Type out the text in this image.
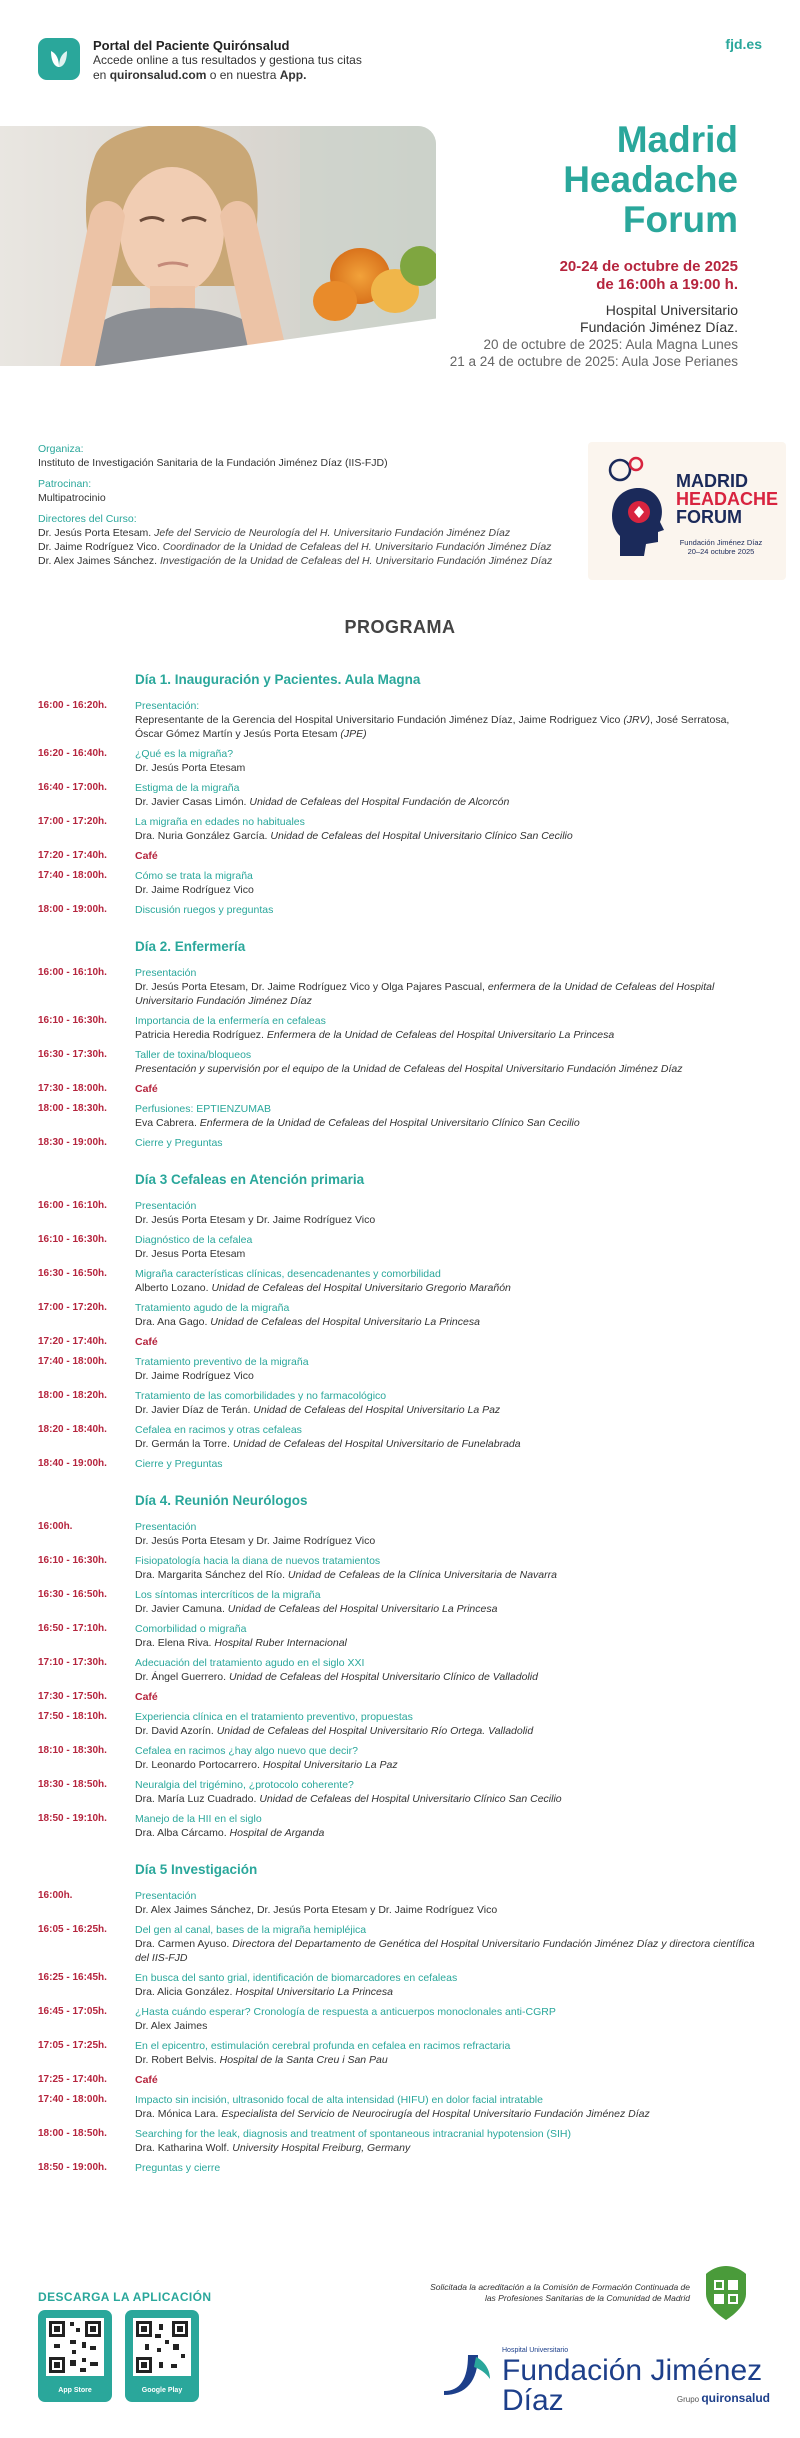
Portal del Paciente Quirónsalud
Accede online a tus resultados y gestiona tus citas
en quironsalud.com o en nuestra App.
fjd.es
Madrid
Headache
Forum
20-24 de octubre de 2025
de 16:00h a 19:00 h.
Hospital Universitario
Fundación Jiménez Díaz.
20 de octubre de 2025: Aula Magna Lunes
21 a 24 de octubre de 2025: Aula Jose Perianes
Organiza:
Instituto de Investigación Sanitaria de la Fundación Jiménez Díaz (IIS-FJD)
Patrocinan:
Multipatrocinio
Directores del Curso:
Dr. Jesús Porta Etesam. Jefe del Servicio de Neurología del H. Universitario Fundación Jiménez Díaz
Dr. Jaime Rodríguez Vico. Coordinador de la Unidad de Cefaleas del H. Universitario Fundación Jiménez Díaz
Dr. Alex Jaimes Sánchez. Investigación de la Unidad de Cefaleas del H. Universitario Fundación Jiménez Díaz
MADRID
HEADACHE
FORUM
Fundación Jiménez Díaz
20–24 octubre 2025
PROGRAMA
Día 1. Inauguración y Pacientes. Aula Magna
16:00 - 16:20h.	Presentación:
Representante de la Gerencia del Hospital Universitario Fundación Jiménez Díaz, Jaime Rodriguez Vico (JRV), José Serratosa, Óscar Gómez Martín y Jesús Porta Etesam (JPE)
16:20 - 16:40h.	¿Qué es la migraña?
Dr. Jesús Porta Etesam
16:40 - 17:00h.	Estigma de la migraña
Dr. Javier Casas Limón. Unidad de Cefaleas del Hospital Fundación de Alcorcón
17:00 - 17:20h.	La migraña en edades no habituales
Dra. Nuria González García. Unidad de Cefaleas del Hospital Universitario Clínico San Cecilio
17:20 - 17:40h.	Café
17:40 - 18:00h.	Cómo se trata la migraña
Dr. Jaime Rodríguez Vico
18:00 - 19:00h.	Discusión ruegos y preguntas
Día 2. Enfermería
16:00 - 16:10h.	Presentación
Dr. Jesús Porta Etesam, Dr. Jaime Rodríguez Vico y Olga Pajares Pascual, enfermera de la Unidad de Cefaleas del Hospital Universitario Fundación Jiménez Díaz
16:10 - 16:30h.	Importancia de la enfermería en cefaleas
Patricia Heredia Rodríguez. Enfermera de la Unidad de Cefaleas del Hospital Universitario La Princesa
16:30 - 17:30h.	Taller de toxina/bloqueos
Presentación y supervisión por el equipo de la Unidad de Cefaleas del Hospital Universitario Fundación Jiménez Díaz
17:30 - 18:00h.	Café
18:00 - 18:30h.	Perfusiones: EPTIENZUMAB
Eva Cabrera. Enfermera de la Unidad de Cefaleas del Hospital Universitario Clínico San Cecilio
18:30 - 19:00h.	Cierre y Preguntas
Día 3 Cefaleas en Atención primaria
16:00 - 16:10h.	Presentación
Dr. Jesús Porta Etesam y Dr. Jaime Rodríguez Vico
16:10 - 16:30h.	Diagnóstico de la cefalea
Dr. Jesus Porta Etesam
16:30 - 16:50h.	Migraña características clínicas, desencadenantes y comorbilidad
Alberto Lozano. Unidad de Cefaleas del Hospital Universitario Gregorio Marañón
17:00 - 17:20h.	Tratamiento agudo de la migraña
Dra. Ana Gago. Unidad de Cefaleas del Hospital Universitario La Princesa
17:20 - 17:40h.	Café
17:40 - 18:00h.	Tratamiento preventivo de la migraña
Dr. Jaime Rodríguez Vico
18:00 - 18:20h.	Tratamiento de las comorbilidades y no farmacológico
Dr. Javier Díaz de Terán. Unidad de Cefaleas del Hospital Universitario La Paz
18:20 - 18:40h.	Cefalea en racimos y otras cefaleas
Dr. Germán la Torre. Unidad de Cefaleas del Hospital Universitario de Funelabrada
18:40 - 19:00h.	Cierre y Preguntas
Día 4. Reunión Neurólogos
16:00h.	Presentación
Dr. Jesús Porta Etesam y Dr. Jaime Rodríguez Vico
16:10 - 16:30h.	Fisiopatología hacia la diana de nuevos tratamientos
Dra. Margarita Sánchez del Río. Unidad de Cefaleas de la Clínica Universitaria de Navarra
16:30 - 16:50h.	Los síntomas intercríticos de la migraña
Dr. Javier Camuna. Unidad de Cefaleas del Hospital Universitario La Princesa
16:50 - 17:10h.	Comorbilidad o migraña
Dra. Elena Riva. Hospital Ruber Internacional
17:10 - 17:30h.	Adecuación del tratamiento agudo en el siglo XXI
Dr. Ángel Guerrero. Unidad de Cefaleas del Hospital Universitario Clínico de Valladolid
17:30 - 17:50h.	Café
17:50 - 18:10h.	Experiencia clínica en el tratamiento preventivo, propuestas
Dr. David Azorín. Unidad de Cefaleas del Hospital Universitario Río Ortega. Valladolid
18:10 - 18:30h.	Cefalea en racimos ¿hay algo nuevo que decir?
Dr. Leonardo Portocarrero. Hospital Universitario La Paz
18:30 - 18:50h.	Neuralgia del trigémino, ¿protocolo coherente?
Dra. María Luz Cuadrado. Unidad de Cefaleas del Hospital Universitario Clínico San Cecilio
18:50 - 19:10h.	Manejo de la HII en el siglo
Dra. Alba Cárcamo. Hospital de Arganda
Día 5 Investigación
16:00h.	Presentación
Dr. Alex Jaimes Sánchez, Dr. Jesús Porta Etesam y Dr. Jaime Rodríguez Vico
16:05 - 16:25h.	Del gen al canal, bases de la migraña hemipléjica
Dra. Carmen Ayuso. Directora del Departamento de Genética del Hospital Universitario Fundación Jiménez Díaz y directora científica del IIS-FJD
16:25 - 16:45h.	En busca del santo grial, identificación de biomarcadores en cefaleas
Dra. Alicia González. Hospital Universitario La Princesa
16:45 - 17:05h.	¿Hasta cuándo esperar? Cronología de respuesta a anticuerpos monoclonales anti-CGRP
Dr. Alex Jaimes
17:05 - 17:25h.	En el epicentro, estimulación cerebral profunda en cefalea en racimos refractaria
Dr. Robert Belvis. Hospital de la Santa Creu i San Pau
17:25 - 17:40h.	Café
17:40 - 18:00h.	Impacto sin incisión, ultrasonido focal de alta intensidad (HIFU) en dolor facial intratable
Dra. Mónica Lara. Especialista del Servicio de Neurocirugía del Hospital Universitario Fundación Jiménez Díaz
18:00 - 18:50h.	Searching for the leak, diagnosis and treatment of spontaneous intracranial hypotension (SIH)
Dra. Katharina Wolf. University Hospital Freiburg, Germany
18:50 - 19:00h.	Preguntas y cierre
DESCARGA LA APLICACIÓN
App Store	Google Play
Solicitada la acreditación a la Comisión de Formación Continuada de
las Profesiones Sanitarias de la Comunidad de Madrid
Hospital Universitario
Fundación Jiménez Díaz	Grupo quironsalud
